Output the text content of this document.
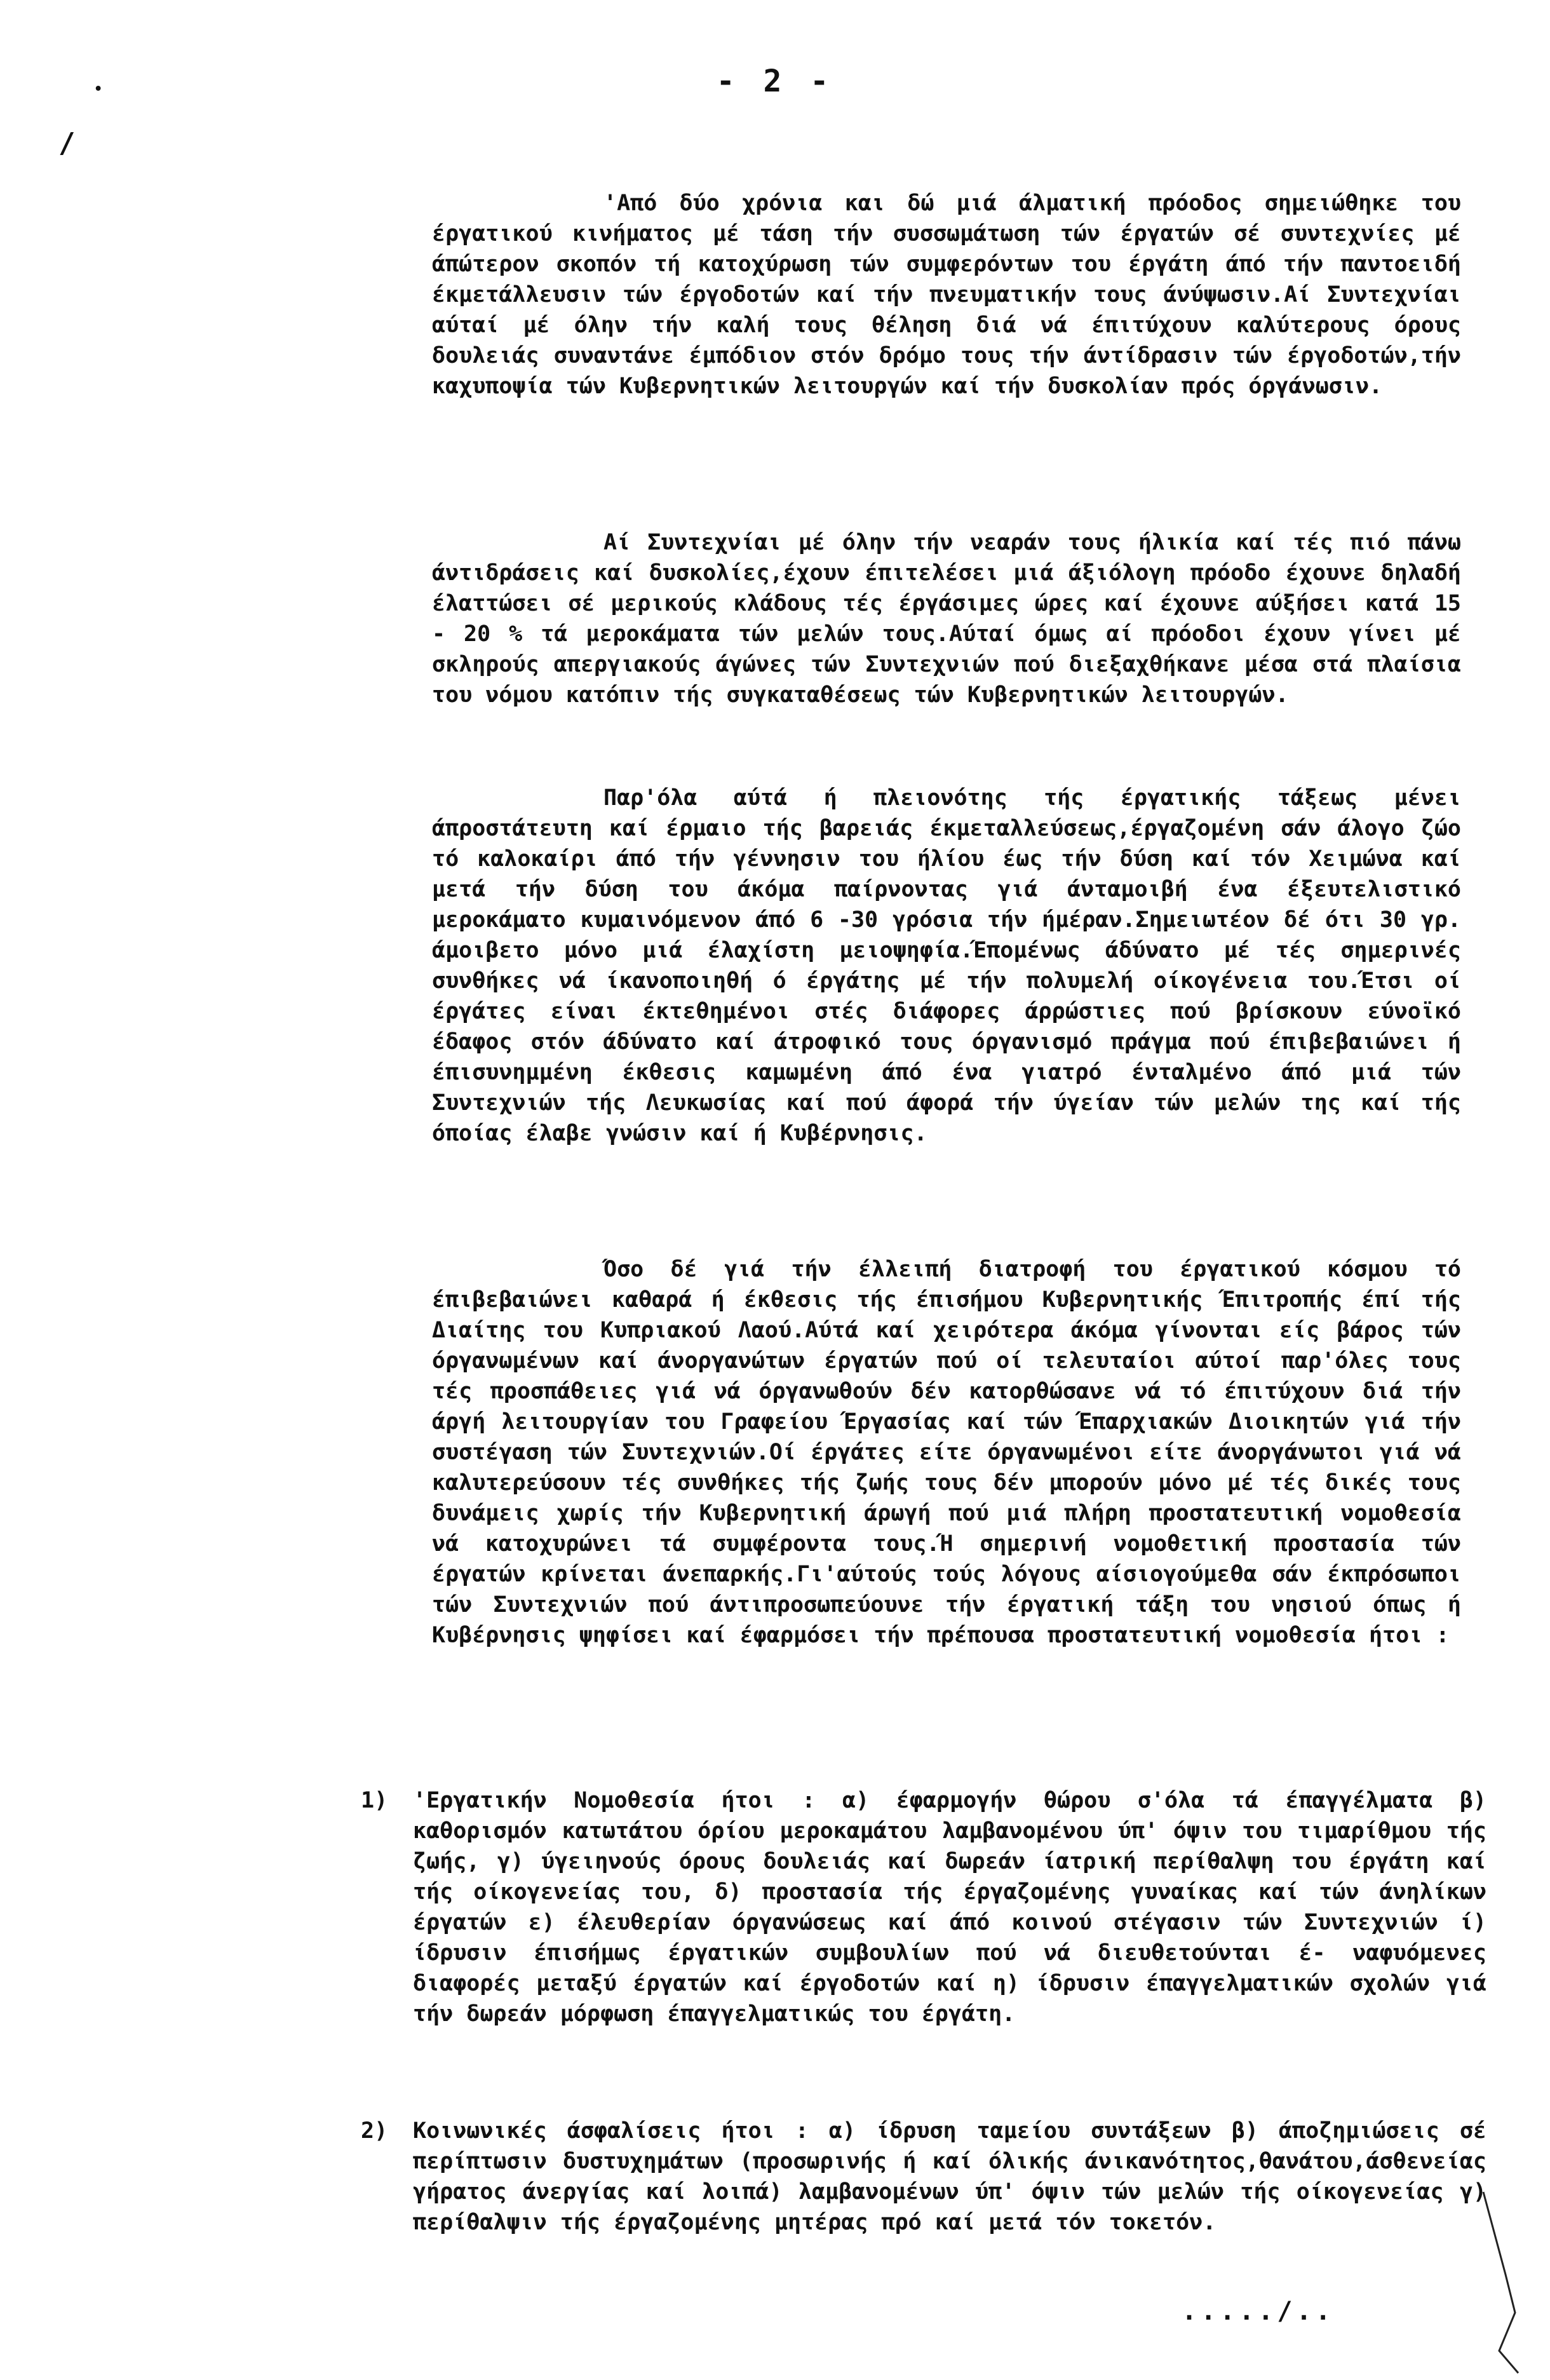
- 2 -
•
/
'Από δύο χρόνια και δώ μιά άλματική πρόοδος σημειώθηκε του έργατικού κινήματος μέ τάση τήν συσσωμάτωση τών έργατών σέ συντεχνίες μέ άπώτερον σκοπόν τή κατοχύρωση τών συμφερόντων του έργάτη άπό τήν παντοειδή έκμετάλλευσιν τών έργοδοτών καί τήν πνευματικήν τους άνύψωσιν.Αί Συντεχνίαι αύταί μέ όλην τήν καλή τους θέληση διά νά έπιτύχουν καλύτερους όρους δουλειάς συναντάνε έμπόδιον στόν δρόμο τους τήν άντίδρασιν τών έργοδοτών,τήν καχυποψία τών Κυβερνητικών λειτουργών καί τήν δυσκολίαν πρός όργάνωσιν.
Αί Συντεχνίαι μέ όλην τήν νεαράν τους ήλικία καί τές πιό πάνω άντιδράσεις καί δυσκολίες,έχουν έπιτελέσει μιά άξιόλογη πρόοδο έχουνε δηλαδή έλαττώσει σέ μερικούς κλάδους τές έργάσιμες ώρες καί έχουνε αύξήσει κατά 15 - 20 % τά μεροκάματα τών μελών τους.Αύταί όμως αί πρόοδοι έχουν γίνει μέ σκληρούς απεργιακούς άγώνες τών Συντεχνιών πού διεξαχθήκανε μέσα στά πλαίσια του νόμου κατόπιν τής συγκαταθέσεως τών Κυβερνητικών λειτουργών.
Παρ'όλα αύτά ή πλειονότης τής έργατικής τάξεως μένει άπροστάτευτη καί έρμαιο τής βαρειάς έκμεταλλεύσεως,έργαζομένη σάν άλογο ζώο τό καλοκαίρι άπό τήν γέννησιν του ήλίου έως τήν δύση καί τόν Χειμώνα καί μετά τήν δύση του άκόμα παίρνοντας γιά άνταμοιβή ένα έξευτελιστικό μεροκάματο κυμαινόμενον άπό 6 -30 γρόσια τήν ήμέραν.Σημειωτέον δέ ότι 30 γρ. άμοιβετο μόνο μιά έλαχίστη μειοψηφία.Έπομένως άδύνατο μέ τές σημερινές συνθήκες νά ίκανοποιηθή ό έργάτης μέ τήν πολυμελή οίκογένεια του.Έτσι οί έργάτες είναι έκτεθημένοι στές διάφορες άρρώστιες πού βρίσκουν εύνοϊκό έδαφος στόν άδύνατο καί άτροφικό τους όργανισμό πράγμα πού έπιβεβαιώνει ή έπισυνημμένη έκθεσις καμωμένη άπό ένα γιατρό ένταλμένο άπό μιά τών Συντεχνιών τής Λευκωσίας καί πού άφορά τήν ύγείαν τών μελών της καί τής όποίας έλαβε γνώσιν καί ή Κυβέρνησις.
Όσο δέ γιά τήν έλλειπή διατροφή του έργατικού κόσμου τό έπιβεβαιώνει καθαρά ή έκθεσις τής έπισήμου Κυβερνητικής Έπιτροπής έπί τής Διαίτης του Κυπριακού Λαού.Αύτά καί χειρότερα άκόμα γίνονται είς βάρος τών όργανωμένων καί άνοργανώτων έργατών πού οί τελευταίοι αύτοί παρ'όλες τους τές προσπάθειες γιά νά όργανωθούν δέν κατορθώσανε νά τό έπιτύχουν διά τήν άργή λειτουργίαν του Γραφείου Έργασίας καί τών Έπαρχιακών Διοικητών γιά τήν συστέγαση τών Συντεχνιών.Οί έργάτες είτε όργανωμένοι είτε άνοργάνωτοι γιά νά καλυτερεύσουν τές συνθήκες τής ζωής τους δέν μπορούν μόνο μέ τές δικές τους δυνάμεις χωρίς τήν Κυβερνητική άρωγή πού μιά πλήρη προστατευτική νομοθεσία νά κατοχυρώνει τά συμφέροντα τους.Ή σημερινή νομοθετική προστασία τών έργατών κρίνεται άνεπαρκής.Γι'αύτούς τούς λόγους αίσιογούμεθα σάν έκπρόσωποι τών Συντεχνιών πού άντιπροσωπεύουνε τήν έργατική τάξη του νησιού όπως ή Κυβέρνησις ψηφίσει καί έφαρμόσει τήν πρέπουσα προστατευτική νομοθεσία ήτοι :
1) 'Εργατικήν Νομοθεσία ήτοι : α) έφαρμογήν θώρου σ'όλα τά έπαγγέλματα β) καθορισμόν κατωτάτου όρίου μεροκαμάτου λαμβανομένου ύπ' όψιν του τιμαρίθμου τής ζωής, γ) ύγειηνούς όρους δουλειάς καί δωρεάν ίατρική περίθαλψη του έργάτη καί τής οίκογενείας του, δ) προστασία τής έργαζομένης γυναίκας καί τών άνηλίκων έργατών ε) έλευθερίαν όργανώσεως καί άπό κοινού στέγασιν τών Συντεχνιών ί) ίδρυσιν έπισήμως έργατικών συμβουλίων πού νά διευθετούνται έ- ναφυόμενες διαφορές μεταξύ έργατών καί έργοδοτών καί η) ίδρυσιν έπαγγελματικών σχολών γιά τήν δωρεάν μόρφωση έπαγγελματικώς του έργάτη.
2) Κοινωνικές άσφαλίσεις ήτοι : α) ίδρυση ταμείου συντάξεων β) άποζημιώσεις σέ περίπτωσιν δυστυχημάτων (προσωρινής ή καί όλικής άνικανότητος,θανάτου,άσθενείας γήρατος άνεργίας καί λοιπά) λαμβανομένων ύπ' όψιν τών μελών τής οίκογενείας γ) περίθαλψιν τής έργαζομένης μητέρας πρό καί μετά τόν τοκετόν.
...../..
